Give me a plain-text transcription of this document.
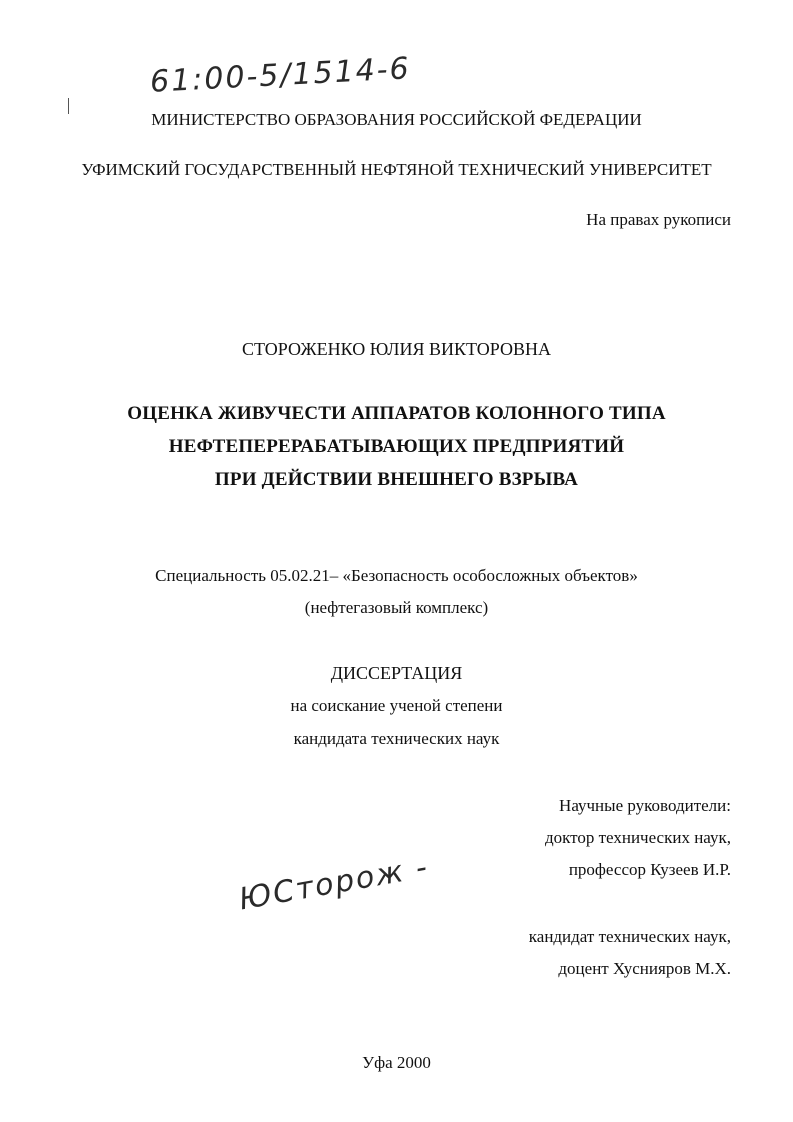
61:00-5/1514-6
МИНИСТЕРСТВО ОБРАЗОВАНИЯ РОССИЙСКОЙ ФЕДЕРАЦИИ
УФИМСКИЙ ГОСУДАРСТВЕННЫЙ НЕФТЯНОЙ ТЕХНИЧЕСКИЙ УНИВЕРСИТЕТ
На правах рукописи
СТОРОЖЕНКО ЮЛИЯ ВИКТОРОВНА
ОЦЕНКА ЖИВУЧЕСТИ АППАРАТОВ КОЛОННОГО ТИПА
НЕФТЕПЕРЕРАБАТЫВАЮЩИХ ПРЕДПРИЯТИЙ
ПРИ ДЕЙСТВИИ ВНЕШНЕГО ВЗРЫВА
Специальность 05.02.21– «Безопасность особосложных объектов»
(нефтегазовый комплекс)
ДИССЕРТАЦИЯ
на соискание ученой степени
кандидата технических наук
Научные руководители:
доктор технических наук,
профессор Кузеев И.Р.
ЮСторож -
кандидат технических наук,
доцент Хуснияров М.Х.
Уфа 2000
